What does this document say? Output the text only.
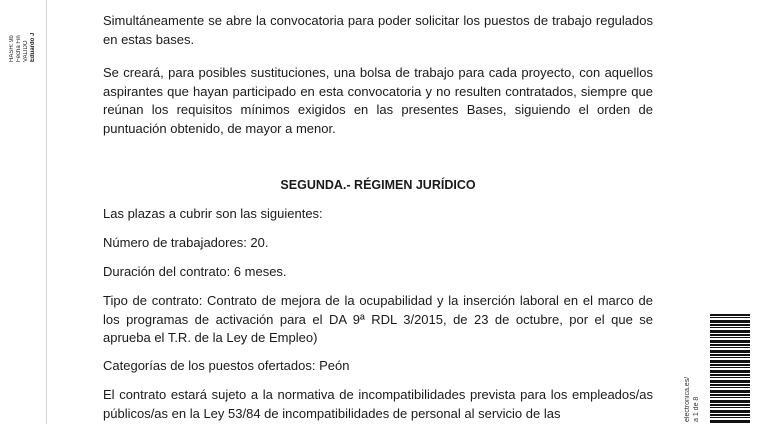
Eduardo J
VALIDO
Fecha Fin
HASH: 9b

Simultáneamente se abre la convocatoria para poder solicitar los puestos de trabajo regulados en estas bases.

Se creará, para posibles sustituciones, una bolsa de trabajo para cada proyecto, con aquellos aspirantes que hayan participado en esta convocatoria y no resulten contratados, siempre que reúnan los requisitos mínimos exigidos en las presentes Bases, siguiendo el orden de puntuación obtenido, de mayor a menor.

SEGUNDA.- RÉGIMEN JURÍDICO

Las plazas a cubrir son las siguientes:

Número de trabajadores: 20.

Duración del contrato: 6 meses.

Tipo de contrato: Contrato de mejora de la ocupabilidad y la inserción laboral en el marco de los programas de activación para el DA 9ª RDL 3/2015, de 23 de octubre, por el que se aprueba el T.R. de la Ley de Empleo)

Categorías de los puestos ofertados: Peón

El contrato estará sujeto a la normativa de incompatibilidades prevista para los empleados/as públicos/as en la Ley 53/84 de incompatibilidades de personal al servicio de las	electronica.es/ a 1 de 8
